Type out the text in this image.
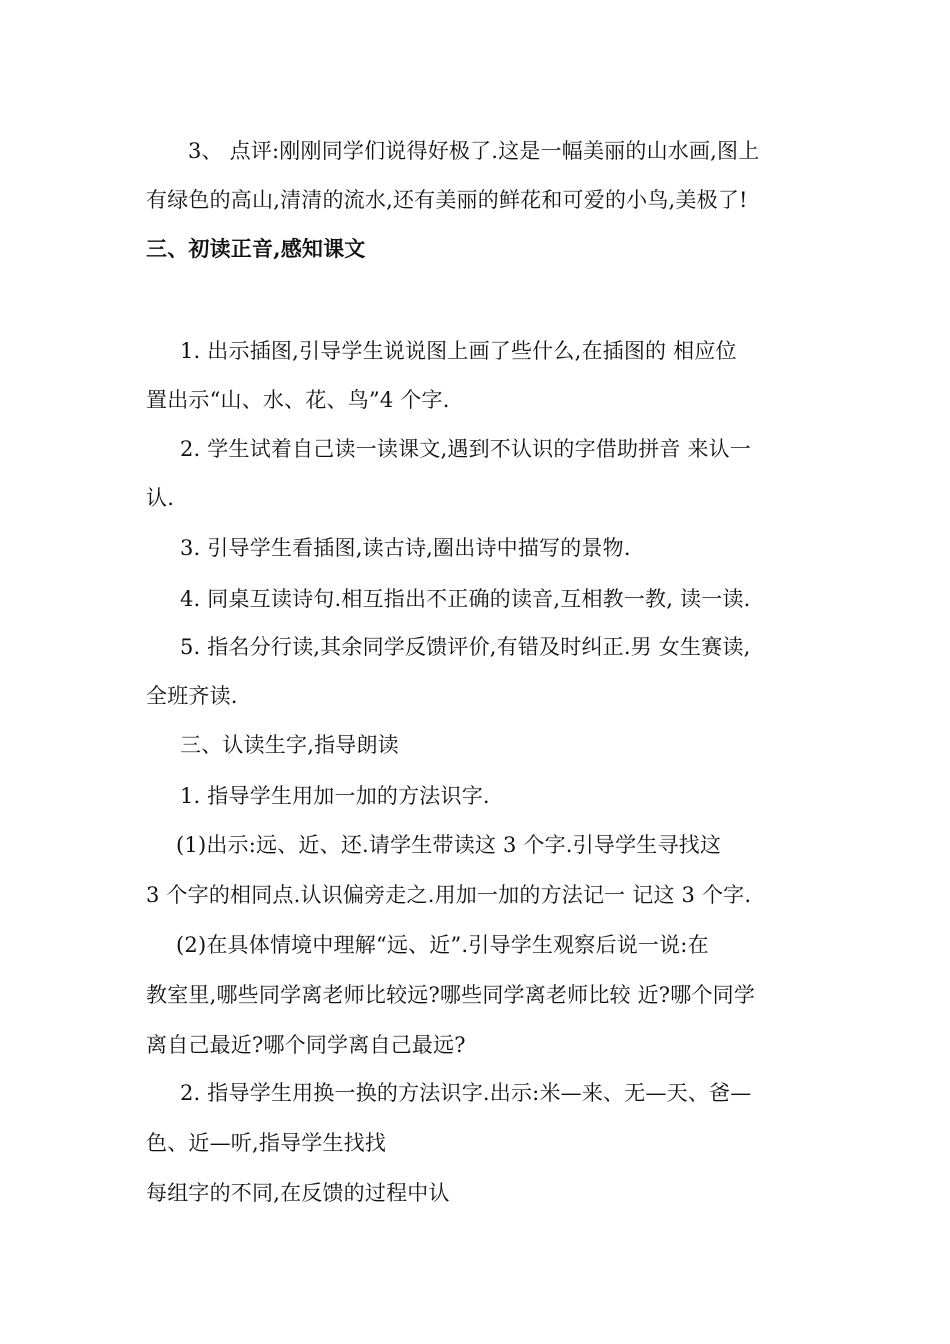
3、 点评:刚刚同学们说得好极了.这是一幅美丽的山水画,图上
有绿色的高山,清清的流水,还有美丽的鲜花和可爱的小鸟,美极了!
三、初读正音,感知课文
1. 出示插图,引导学生说说图上画了些什么,在插图的 相应位
置出示“山、水、花、鸟”4 个字.
2. 学生试着自己读一读课文,遇到不认识的字借助拼音 来认一
认.
3. 引导学生看插图,读古诗,圈出诗中描写的景物.
4. 同桌互读诗句.相互指出不正确的读音,互相教一教, 读一读.
5. 指名分行读,其余同学反馈评价,有错及时纠正.男 女生赛读,
全班齐读.
三、认读生字,指导朗读
1. 指导学生用加一加的方法识字.
(1)出示:远、近、还.请学生带读这 3 个字.引导学生寻找这
3 个字的相同点.认识偏旁走之.用加一加的方法记一 记这 3 个字.
(2)在具体情境中理解“远、近”.引导学生观察后说一说:在
教室里,哪些同学离老师比较远?哪些同学离老师比较 近?哪个同学
离自己最近?哪个同学离自己最远?
2. 指导学生用换一换的方法识字.出示:米—来、无—天、爸—
色、近—听,指导学生找找
每组字的不同,在反馈的过程中认
